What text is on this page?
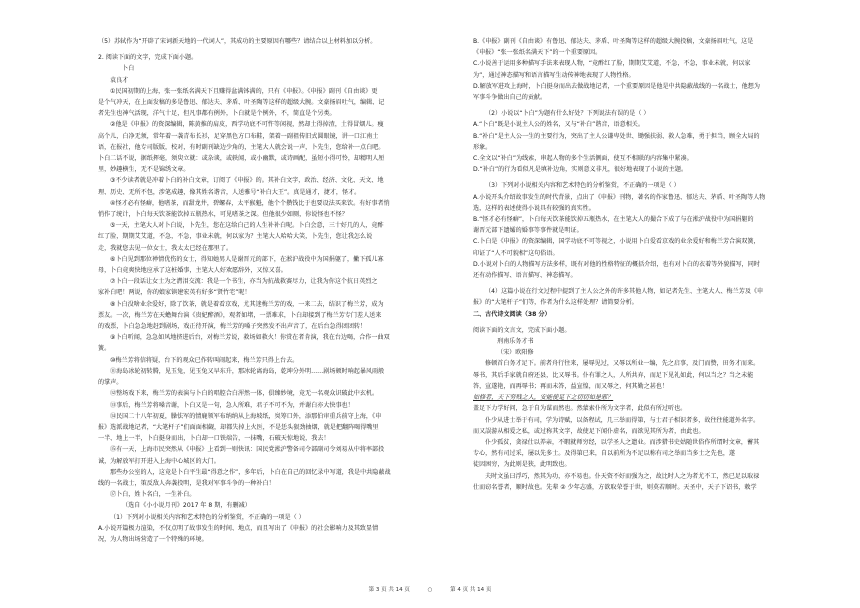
（5）苏轼作为“开辟了宋词新天地的一代词人”，其成功的主要原因有哪些？请结合以上材料加以分析。
2. 阅读下面的文字，完成下面小题。
卜白
袁良才
①民国初期的上海，张一张纸名满天下且赚得盆满钵满的，只有《申报》。《申报》副刊《自由谈》更
是个气冲天，在上面发稿的多是鲁迅、郁达夫、茅盾、叶圣陶等这样的超级大腕。文豪扬眉吐气，编辑、记
者先生也神气活现，洋气十足，但凡事都有例外，卜白就是个例外，不，简直是个另类。
②他是《申报》的资深编辑，陈黄推的肩皮，西学功底不可忤等闲视，然却土得掉渣，土得冒烟儿。瘦
高个儿，白净无须，常年着一袭青布长衫，足穿黑色方口布鞋，架着一副祖传旧式圆眼镜，讲一口江南土
语，在报社，他专司版版，校对，有时副刊缺边少角的，主笔大人就会说一声，卜先生，您给补一点白吧。
卜白二话不说，据纸挥毫，须臾立就：或杂谈，或轶闻，或小幽默，或诗画配，虽短小得可怜，却精明人厘
里，妙趣横生，无不是锦绣文章。
③不少读者就是冲着卜白的补白文章，订阅了《申报》的。其补白文字，政治、经济、文化、天文、地
理、历史、无所不包，涉笔成趣，像其姓名谐音，人送雅号“补白大王”。真是通才，捷才，怪才。
④怪才必有怪癖，他嗜茶，而甜龙井，碧螺春，太平猴魁，他个个攒钱比于也要设法买来饮。有好事者悄
悄作了统计，卜白每天饮茶能饮掉五瓶热水，可见嗜茶之深。但他很少如厕，你说怪也不怪？
⑤一天，主笔大人对卜白说，卜先生，您在这给白己的人生补补白呢。卜白会意，三十好几的人，竟酢
红了脸，期期艾艾道，不急，不急，事业未就，何以家为？主笔大人哈哈大笑，卜先生，您让我怎么说
走，我就您去见一位女士，我太太已经在那里了。
⑥卜白见到那位禅情优伤的女士，得知她男人是谢晋元的部下，在淞沪战役中为国捐躯了，撇下孤儿寡
母，卜白竟爽快地应承了这桩婚事，主笔大人好欢愿辞外，又惊又喜。
⑦卜白一段话让女士为之潸泪交流：我是一个书生，亦当为抗战救赛尽力，让我为你这个抗日英烈之
家补白吧！两说，你的娘家镇建宏英有好多“贤竹宅”呢！
⑧卜白没啥业余爱好，除了饮茶，就是着看京戏，尤其迷梅兰芳的戏，一来二去，结识了梅兰芳，成为
票友。一次，梅兰芳在天蟾舞台演《贵妃醉酒》，观者如堵，一票难求，卜白却接到了梅兰芳专门差人送来
的戏票，卜白急急地赶到剧场，戏正待开演，梅兰芳的嗓子突然发不出声音了，在后台急得团团转！
⑨卜白听闻，急急如风地挤进后台，对梅兰芳说，救场如救火！你赏在者肯演，我在台边喝，合作一曲双
簧。
⑩梅兰芳将信将疑，台下的观众已作转叫闹起来，梅兰芳只得上台去。
⑪海岛冰轮初转腾，见玉兔，见玉兔又早东升，那冰轮离海岛，乾坤分外明……剧场顿时响起暴风雨般
的掌声。
⑫整场戏下来，梅兰芳的表演与卜白的唱腔合白浑然一体，俱臻妙境，竟无一名观众识破此中玄机。
⑬事后，梅兰芳将嗓音谢，卜白又是一句，急人所难，君子不可不为，并谢白亦大快事也！
⑭民国二十八年初夏，臊怯军的情鹿领军布纳纳从上海坡纸，臭筹口外，添那伯审重兵前守上海，《申
报》选派战地记者，“大笔杆子”们面面相觑，却都失掉上火医，不是恁头狠劲抽烟，就是把翻阵喝得嘴里
一半、地上一半，卜白挺身而出，卜白却一口铁端告，一抹嘴，石破天惊地说，我去！
⑮有一天，上海市民突然从《申报》上看到一则快讯：国民党淞沪警备司令部副司令刘易从中将率部投
诚，为解放军打开进入上海中心城区的大门。
那些办公室的人，这竟是卜白平生最“得意之作”，多年后，卜白在自己的回忆录中写道，我是中共隐蔽战
线的一名战士，策反敌人奔袭投明，是我对军事斗争的一种补白！
⑰卜白，姓卜名白，一生补白。
（选自《小小说月刊》2017 年 8 期，有删减）
（1）下列对小说相关内容和艺术特色的分析鉴赏，不正确的一项是（ ）
A.小说开篇极力渲染，不仅点明了故事发生的时间、地点，而且写出了《申报》的社会影响力及其致显情
况，为人物出场营造了一个特殊的环境。
B.《申报》副刊《自由谈》有鲁迅、郁达夫、茅盾、叶圣陶等这样的超级大腕投稿，文豪扬眉吐气，这是
《申报》“张一张纸名满天下”的一个重要原因。
C.小说善于运用多种描写手法来表现人物，“竟酢红了脸，期期艾艾道，不急，不急，事业未就，何以家
为”，通过神态描写和语言描写生动传神地表现了人物性格。
D.解放军进攻上海时，卜白挺身而出去做战地记者，一个重要原因是他是中共隐蔽战线的一名战士，他想为
军事斗争做出自己的贡献。
（2）小说以“卜白”为题有什么好处？下列说法有误的是（ ）
A.“卜白”既是小说主人公的姓名，又与“补白”谐音，语意相关。
B.“补白”是主人公一生的主要行为，突出了主人公谦卑处世、锄强扶弱、救人急难，勇于担当，顾全大局的
形象。
C.全文以“补白”为线索，串起人物的多个生活侧面，使互不相联的内容集中紧凑。
D.“补白”的行为看似凡是填补边角，实则意义非凡，很好地表现了小说的主题。
（3）下列对小说相关内容和艺术特色的分析鉴赏，不正确的一项是（ ）
A.小说开头介绍故事发生的时代背景，点出了《申报》刊物，著名的作家鲁迅、郁达夫、茅盾、叶圣陶等人物
选，这样的表述使得小说具有较强的真实性。
B.“怪才必有怪癖”，卜白每天饮茶能饮掉五瓶热水，在主笔大人的撮合下成了与在淞沪战役中为国捐躯的
谢晋元部下遗孀的婚事等事件就是明证。
C.卜白是《申报》的资深编辑，国学功底不可等视之，小说用卜白爱看京戏的业余爱好和梅兰芳合演双簧，
印证了“人不可貌相”这句俗语。
D.小说对卜白的人物描写方法多样，既有对他的性格特征的概括介绍，也有对卜白的衣着等外貌描写，同时
还有动作描写、语言描写、神态描写。
（4）这篇小说在行文过程中提到了主人公之外的许多其他人物，如记者先生、主笔大人、梅兰芳及《申
报》的“大笔杆子”们等，作者为什么这样处理？请简要分析。
二、古代诗文阅读（38 分）
阅读下面的文言文，完成下面小题。
刑南乐务才书
（宋）欧阳修
修顿首白务才足下。前者舟行往来，屡辱见过，又辱以所业一编，先之启事，及门而赞，田务才而来。
辱书，其后手家就自府还县，比又辱书。仆有罪之人，人所共弃，而足下见礼如此，何以当之？当之未能
答，宣遂艳，而再辱书；再而未答，益宣惶，而又辱之，何其勤之甚也！
如修者，天下穷贱之人，安能使足下之切切如是邪？
盖足下力学好问，急于自为谋而然也。然蒙索仆所为文字者，此似有所过听也。
仆少从进士举于有司，学为诗赋，以备程试，几三举而得第，与士君子相识者多，故往往能道外名字。
而又誤游从相爱之私，或过称其文字，故使足下闻仆虚名，而欲见其所为者，由此也。
仆少孤贫，贪禄仕以养亲，不暇就师穷经，以学圣人之遗业。而涉猎书史姑随世俗作所谓时文章，蓄其
专心，然有司过采，屡以先多士。及得第已来，自以前所为不足以称有司之举而当多士之先也，遂
徒因困穷，为此则是狭，此明致也。
夫时文虽曰浮巧，然其为功，亦不易也。仆天资不好而强为之，故比时人之为者尤不工，然已足以取禄
仕而窃名誉者，顺时故也。先辈 ② 少年志盛，方欲取荣誉于世，则莫若顺时。天圣中，天子下诏书，敕学
第 3 页 共 14 页	○	第 4 页 共 14 页
